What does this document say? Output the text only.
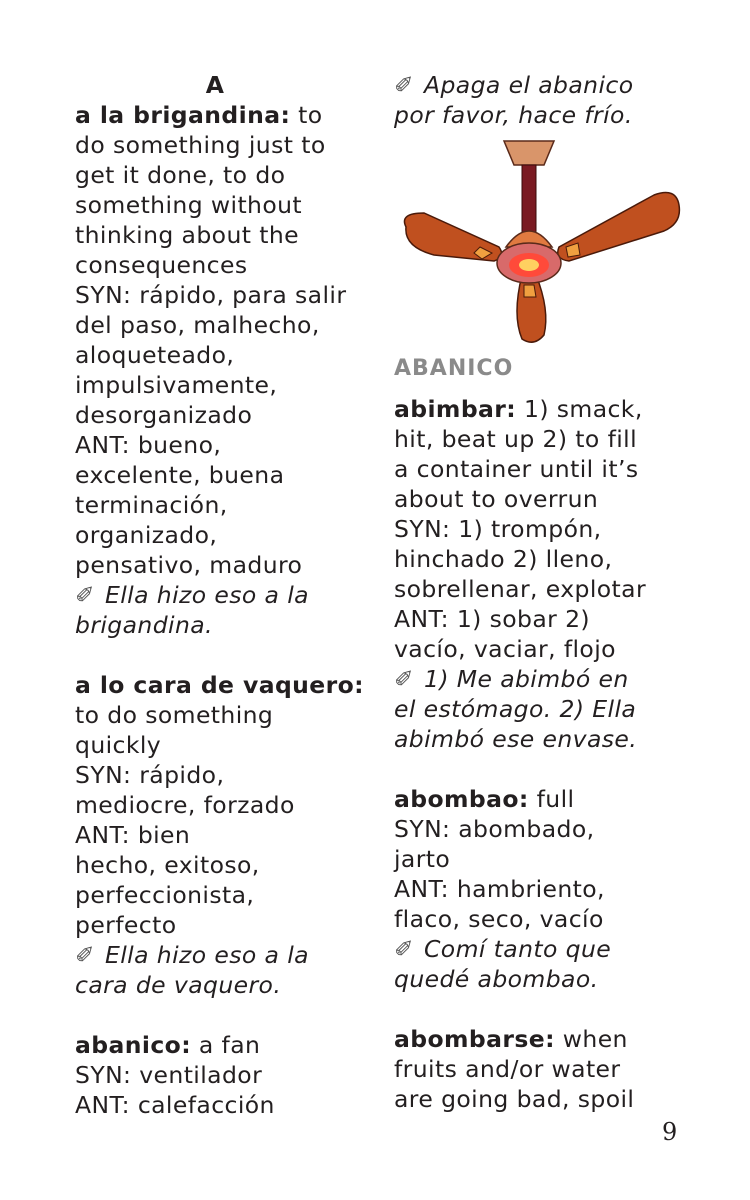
A
a la brigandina: to
do something just to
get it done, to do
something without
thinking about the
consequences
SYN: rápido, para salir
del paso, malhecho,
aloqueteado,
impulsivamente,
desorganizado
ANT: bueno,
excelente, buena
terminación,
organizado,
pensativo, maduro
✐ Ella hizo eso a la
brigandina.
a lo cara de vaquero:
to do something
quickly
SYN: rápido,
mediocre, forzado
ANT: bien
hecho, exitoso,
perfeccionista,
perfecto
✐ Ella hizo eso a la
cara de vaquero.
abanico: a fan
SYN: ventilador
ANT: calefacción
✐ Apaga el abanico
por favor, hace frío.
ABANICO
abimbar: 1) smack,
hit, beat up 2) to fill
a container until it’s
about to overrun
SYN: 1) trompón,
hinchado 2) lleno,
sobrellenar, explotar
ANT: 1) sobar 2)
vacío, vaciar, flojo
✐ 1) Me abimbó en
el estómago. 2) Ella
abimbó ese envase.
abombao: full
SYN: abombado,
jarto
ANT: hambriento,
flaco, seco, vacío
✐ Comí tanto que
quedé abombao.
abombarse: when
fruits and/or water
are going bad, spoil
9
